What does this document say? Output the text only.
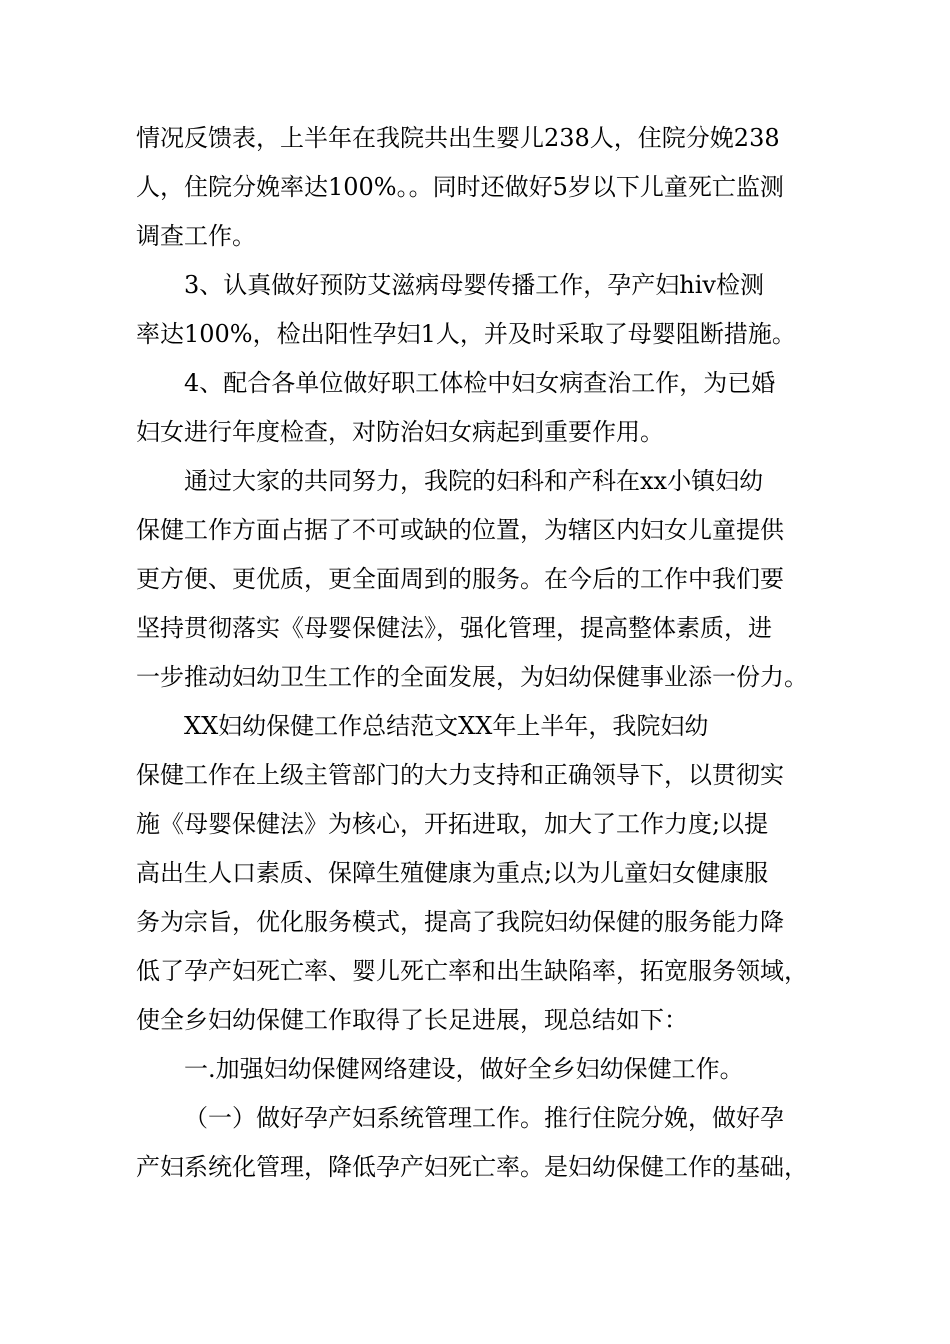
情况反馈表，上半年在我院共出生婴儿238人，住院分娩238
人，住院分娩率达100%。。同时还做好5岁以下儿童死亡监测
调查工作。
3、认真做好预防艾滋病母婴传播工作，孕产妇hiv检测
率达100%，检出阳性孕妇1人，并及时采取了母婴阻断措施。
4、配合各单位做好职工体检中妇女病查治工作，为已婚
妇女进行年度检查，对防治妇女病起到重要作用。
通过大家的共同努力，我院的妇科和产科在xx小镇妇幼
保健工作方面占据了不可或缺的位置，为辖区内妇女儿童提供
更方便、更优质，更全面周到的服务。在今后的工作中我们要
坚持贯彻落实《母婴保健法》，强化管理，提高整体素质，进
一步推动妇幼卫生工作的全面发展，为妇幼保健事业添一份力。
XX妇幼保健工作总结范文XX年上半年，我院妇幼
保健工作在上级主管部门的大力支持和正确领导下，以贯彻实
施《母婴保健法》为核心，开拓进取，加大了工作力度;以提
高出生人口素质、保障生殖健康为重点;以为儿童妇女健康服
务为宗旨，优化服务模式，提高了我院妇幼保健的服务能力降
低了孕产妇死亡率、婴儿死亡率和出生缺陷率，拓宽服务领域，
使全乡妇幼保健工作取得了长足进展，现总结如下：
一.加强妇幼保健网络建设，做好全乡妇幼保健工作。
（一）做好孕产妇系统管理工作。推行住院分娩，做好孕
产妇系统化管理，降低孕产妇死亡率。是妇幼保健工作的基础，
